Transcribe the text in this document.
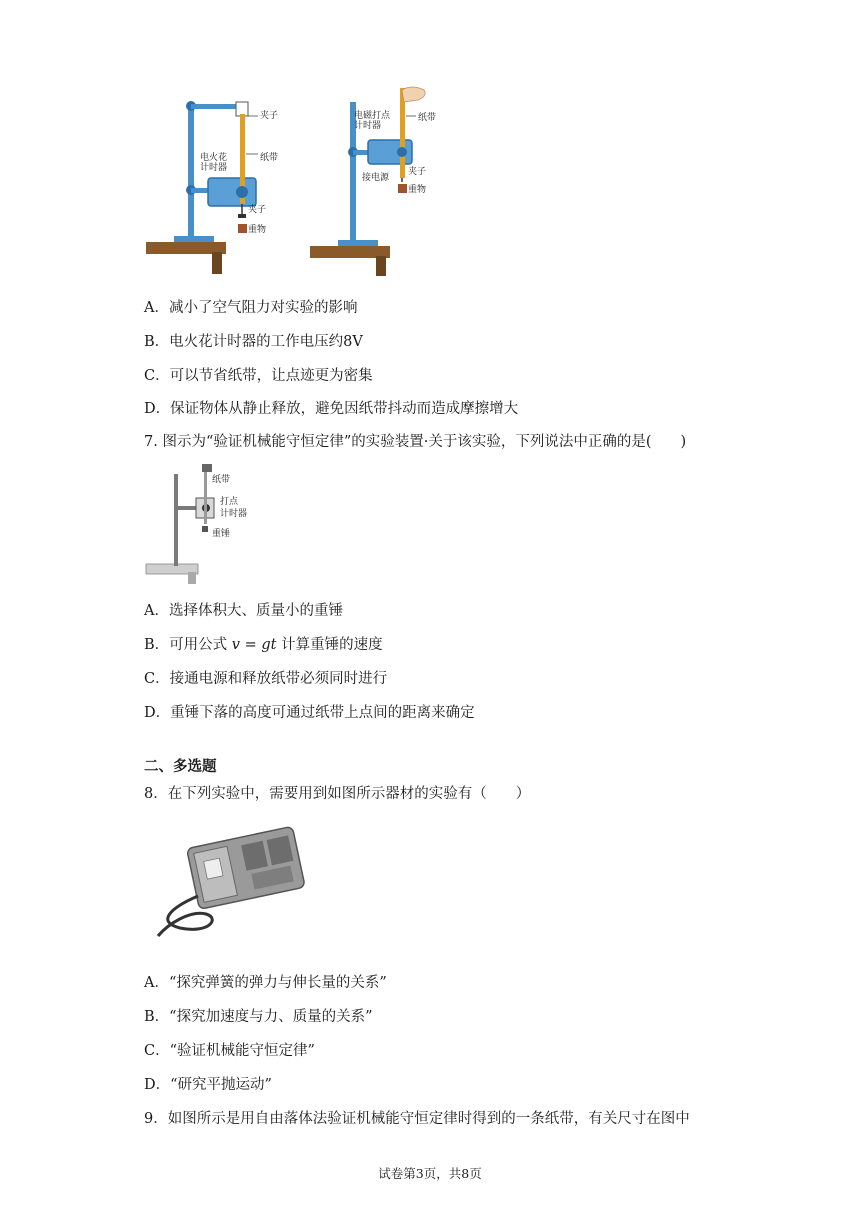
夹子
电火花
计时器
纸带
夹子
重物
电磁打点
计时器
纸带
接电源
夹子
重物
A．减小了空气阻力对实验的影响
B．电火花计时器的工作电压约8V
C．可以节省纸带，让点迹更为密集
D．保证物体从静止释放，避免因纸带抖动而造成摩擦增大
7. 图示为“验证机械能守恒定律”的实验装置·关于该实验，下列说法中正确的是(　　)
纸带
打点
计时器
重锤
A．选择体积大、质量小的重锤
B．可用公式 v = gt 计算重锤的速度
C．接通电源和释放纸带必须同时进行
D．重锤下落的高度可通过纸带上点间的距离来确定
二、多选题
8．在下列实验中，需要用到如图所示器材的实验有（　　）
A．“探究弹簧的弹力与伸长量的关系”
B．“探究加速度与力、质量的关系”
C．“验证机械能守恒定律”
D．“研究平抛运动”
9．如图所示是用自由落体法验证机械能守恒定律时得到的一条纸带，有关尺寸在图中
试卷第3页，共8页
